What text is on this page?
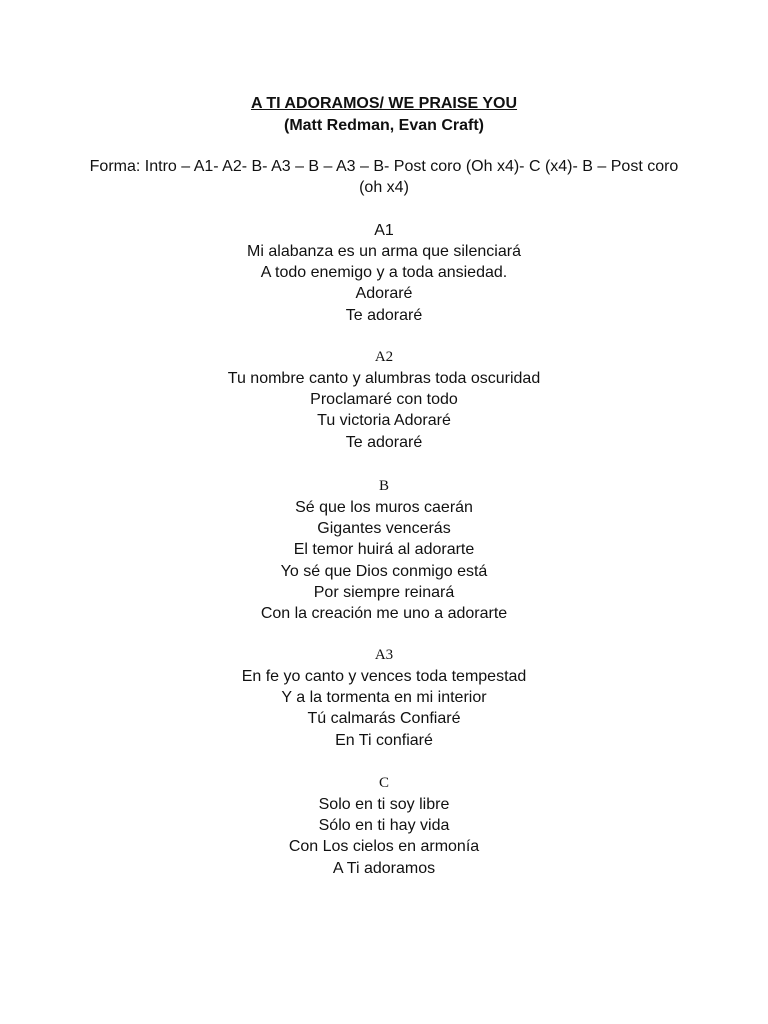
A TI ADORAMOS/ WE PRAISE YOU
(Matt Redman, Evan Craft)
Forma: Intro – A1- A2- B- A3 – B – A3 – B- Post coro (Oh x4)- C (x4)- B – Post coro (oh x4)
A1
Mi alabanza es un arma que silenciará
A todo enemigo y a toda ansiedad.
Adoraré
Te adoraré
A2
Tu nombre canto y alumbras toda oscuridad
Proclamaré con todo
Tu victoria Adoraré
Te adoraré
B
Sé que los muros caerán
Gigantes vencerás
El temor huirá al adorarte
Yo sé que Dios conmigo está
Por siempre reinará
Con la creación me uno a adorarte
A3
En fe yo canto y vences toda tempestad
Y a la tormenta en mi interior
Tú calmarás Confiaré
En Ti confiaré
C
Solo en ti soy libre
Sólo en ti hay vida
Con Los cielos en armonía
A Ti adoramos
